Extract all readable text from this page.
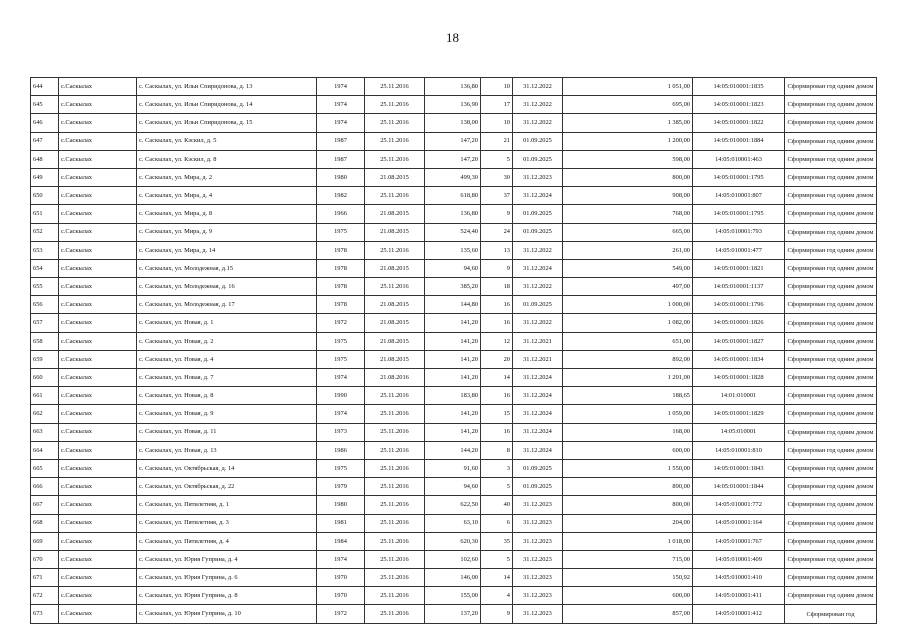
18
644	с.Саскылах	с. Саскылах, ул. Ильи Спиридонова, д. 13	1974	25.11.2016	136,80	10	31.12.2022	1 051,00	14:05:010001:1835	Сформирован год одним домом
645	с.Саскылах	с. Саскылах, ул. Ильи Спиридонова, д. 14	1974	25.11.2016	136,90	17	31.12.2022	695,00	14:05:010001:1823	Сформирован год одним домом
646	с.Саскылах	с. Саскылах, ул. Ильи Спиридонова, д. 15	1974	25.11.2016	138,00	10	31.12.2022	1 385,00	14:05:010001:1822	Сформирован год одним домом
647	с.Саскылах	с. Саскылах, ул. Кэскил, д. 5	1987	25.11.2016	147,20	21	01.09.2025	1 200,00	14:05:010001:1884	Сформирован год одним домом
648	с.Саскылах	с. Саскылах, ул. Кэскил, д. 8	1987	25.11.2016	147,20	5	01.09.2025	598,00	14:05:010001:463	Сформирован год одним домом
649	с.Саскылах	с. Саскылах, ул. Мира, д. 2	1980	21.08.2015	499,30	30	31.12.2023	800,00	14:05:010001:1795	Сформирован год одним домом
650	с.Саскылах	с. Саскылах, ул. Мира, д. 4	1982	25.11.2016	618,80	37	31.12.2024	908,00	14:05:010001:807	Сформирован год одним домом
651	с.Саскылах	с. Саскылах, ул. Мира, д. 8	1966	21.08.2015	136,80	9	01.09.2025	768,00	14:05:010001:1795	Сформирован год одним домом
652	с.Саскылах	с. Саскылах, ул. Мира, д. 9	1975	21.08.2015	524,40	24	01.09.2025	665,00	14:05:010001:793	Сформирован год одним домом
653	с.Саскылах	с. Саскылах, ул. Мира, д. 14	1978	25.11.2016	135,60	13	31.12.2022	261,00	14:05:010001:477	Сформирован год одним домом
654	с.Саскылах	с. Саскылах, ул. Молодежная, д.15	1978	21.08.2015	94,60	9	31.12.2024	549,00	14:05:010001:1821	Сформирован год одним домом
655	с.Саскылах	с. Саскылах, ул. Молодежная, д. 16	1978	25.11.2016	385,20	18	31.12.2022	497,00	14:05:010001:1137	Сформирован год одним домом
656	с.Саскылах	с. Саскылах, ул. Молодежная, д. 17	1978	21.08.2015	144,80	16	01.09.2025	1 000,00	14:05:010001:1796	Сформирован год одним домом
657	с.Саскылах	с. Саскылах, ул. Новая, д. 1	1972	21.08.2015	141,20	16	31.12.2022	1 082,00	14:05:010001:1826	Сформирован год одним домом
658	с.Саскылах	с. Саскылах, ул. Новая, д. 2	1975	21.08.2015	141,20	12	31.12.2021	651,00	14:05:010001:1827	Сформирован год одним домом
659	с.Саскылах	с. Саскылах, ул. Новая, д. 4	1975	21.08.2015	141,20	20	31.12.2021	892,00	14:05:010001:1834	Сформирован год одним домом
660	с.Саскылах	с. Саскылах, ул. Новая, д. 7	1974	21.08.2016	141,20	14	31.12.2024	1 201,00	14:05:010001:1828	Сформирован год одним домом
661	с.Саскылах	с. Саскылах, ул. Новая, д. 8	1990	25.11.2016	183,80	16	31.12.2024	188,65	14:01:010001	Сформирован год одним домом
662	с.Саскылах	с. Саскылах, ул. Новая, д. 9	1974	25.11.2016	141,20	15	31.12.2024	1 059,00	14:05:010001:1829	Сформирован год одним домом
663	с.Саскылах	с. Саскылах, ул. Новая, д. 11	1973	25.11.2016	141,20	16	31.12.2024	168,00	14:05:010001	Сформирован год одним домом
664	с.Саскылах	с. Саскылах, ул. Новая, д. 13	1986	25.11.2016	144,20	8	31.12.2024	600,00	14:05:010001:810	Сформирован год одним домом
665	с.Саскылах	с. Саскылах, ул. Октябрьская, д. 14	1975	25.11.2016	91,60	3	01.09.2025	1 550,00	14:05:010001:1843	Сформирован год одним домом
666	с.Саскылах	с. Саскылах, ул. Октябрьская, д. 22	1979	25.11.2016	94,60	5	01.09.2025	890,00	14:05:010001:1844	Сформирован год одним домом
667	с.Саскылах	с. Саскылах, ул. Пятилетняя, д. 1	1980	25.11.2016	622,50	40	31.12.2023	800,00	14:05:010001:772	Сформирован год одним домом
668	с.Саскылах	с. Саскылах, ул. Пятилетняя, д. 3	1981	25.11.2016	63,10	6	31.12.2023	204,00	14:05:010001:164	Сформирован год одним домом
669	с.Саскылах	с. Саскылах, ул. Пятилетняя, д. 4	1984	25.11.2016	620,30	35	31.12.2023	1 018,00	14:05:010001:767	Сформирован год одним домом
670	с.Саскылах	с. Саскылах, ул. Юрия Гуприна, д. 4	1974	25.11.2016	102,60	5	31.12.2023	715,00	14:05:010001:409	Сформирован год одним домом
671	с.Саскылах	с. Саскылах, ул. Юрия Гуприна, д. 6	1970	25.11.2016	146,00	14	31.12.2023	150,92	14:05:010001:410	Сформирован год одним домом
672	с.Саскылах	с. Саскылах, ул. Юрия Гуприна, д. 8	1970	25.11.2016	155,00	4	31.12.2023	600,00	14:05:010001:411	Сформирован год одним домом
673	с.Саскылах	с. Саскылах, ул. Юрия Гуприна, д. 10	1972	25.11.2016	137,20	9	31.12.2023	857,00	14:05:010001:412	Сформирован год
